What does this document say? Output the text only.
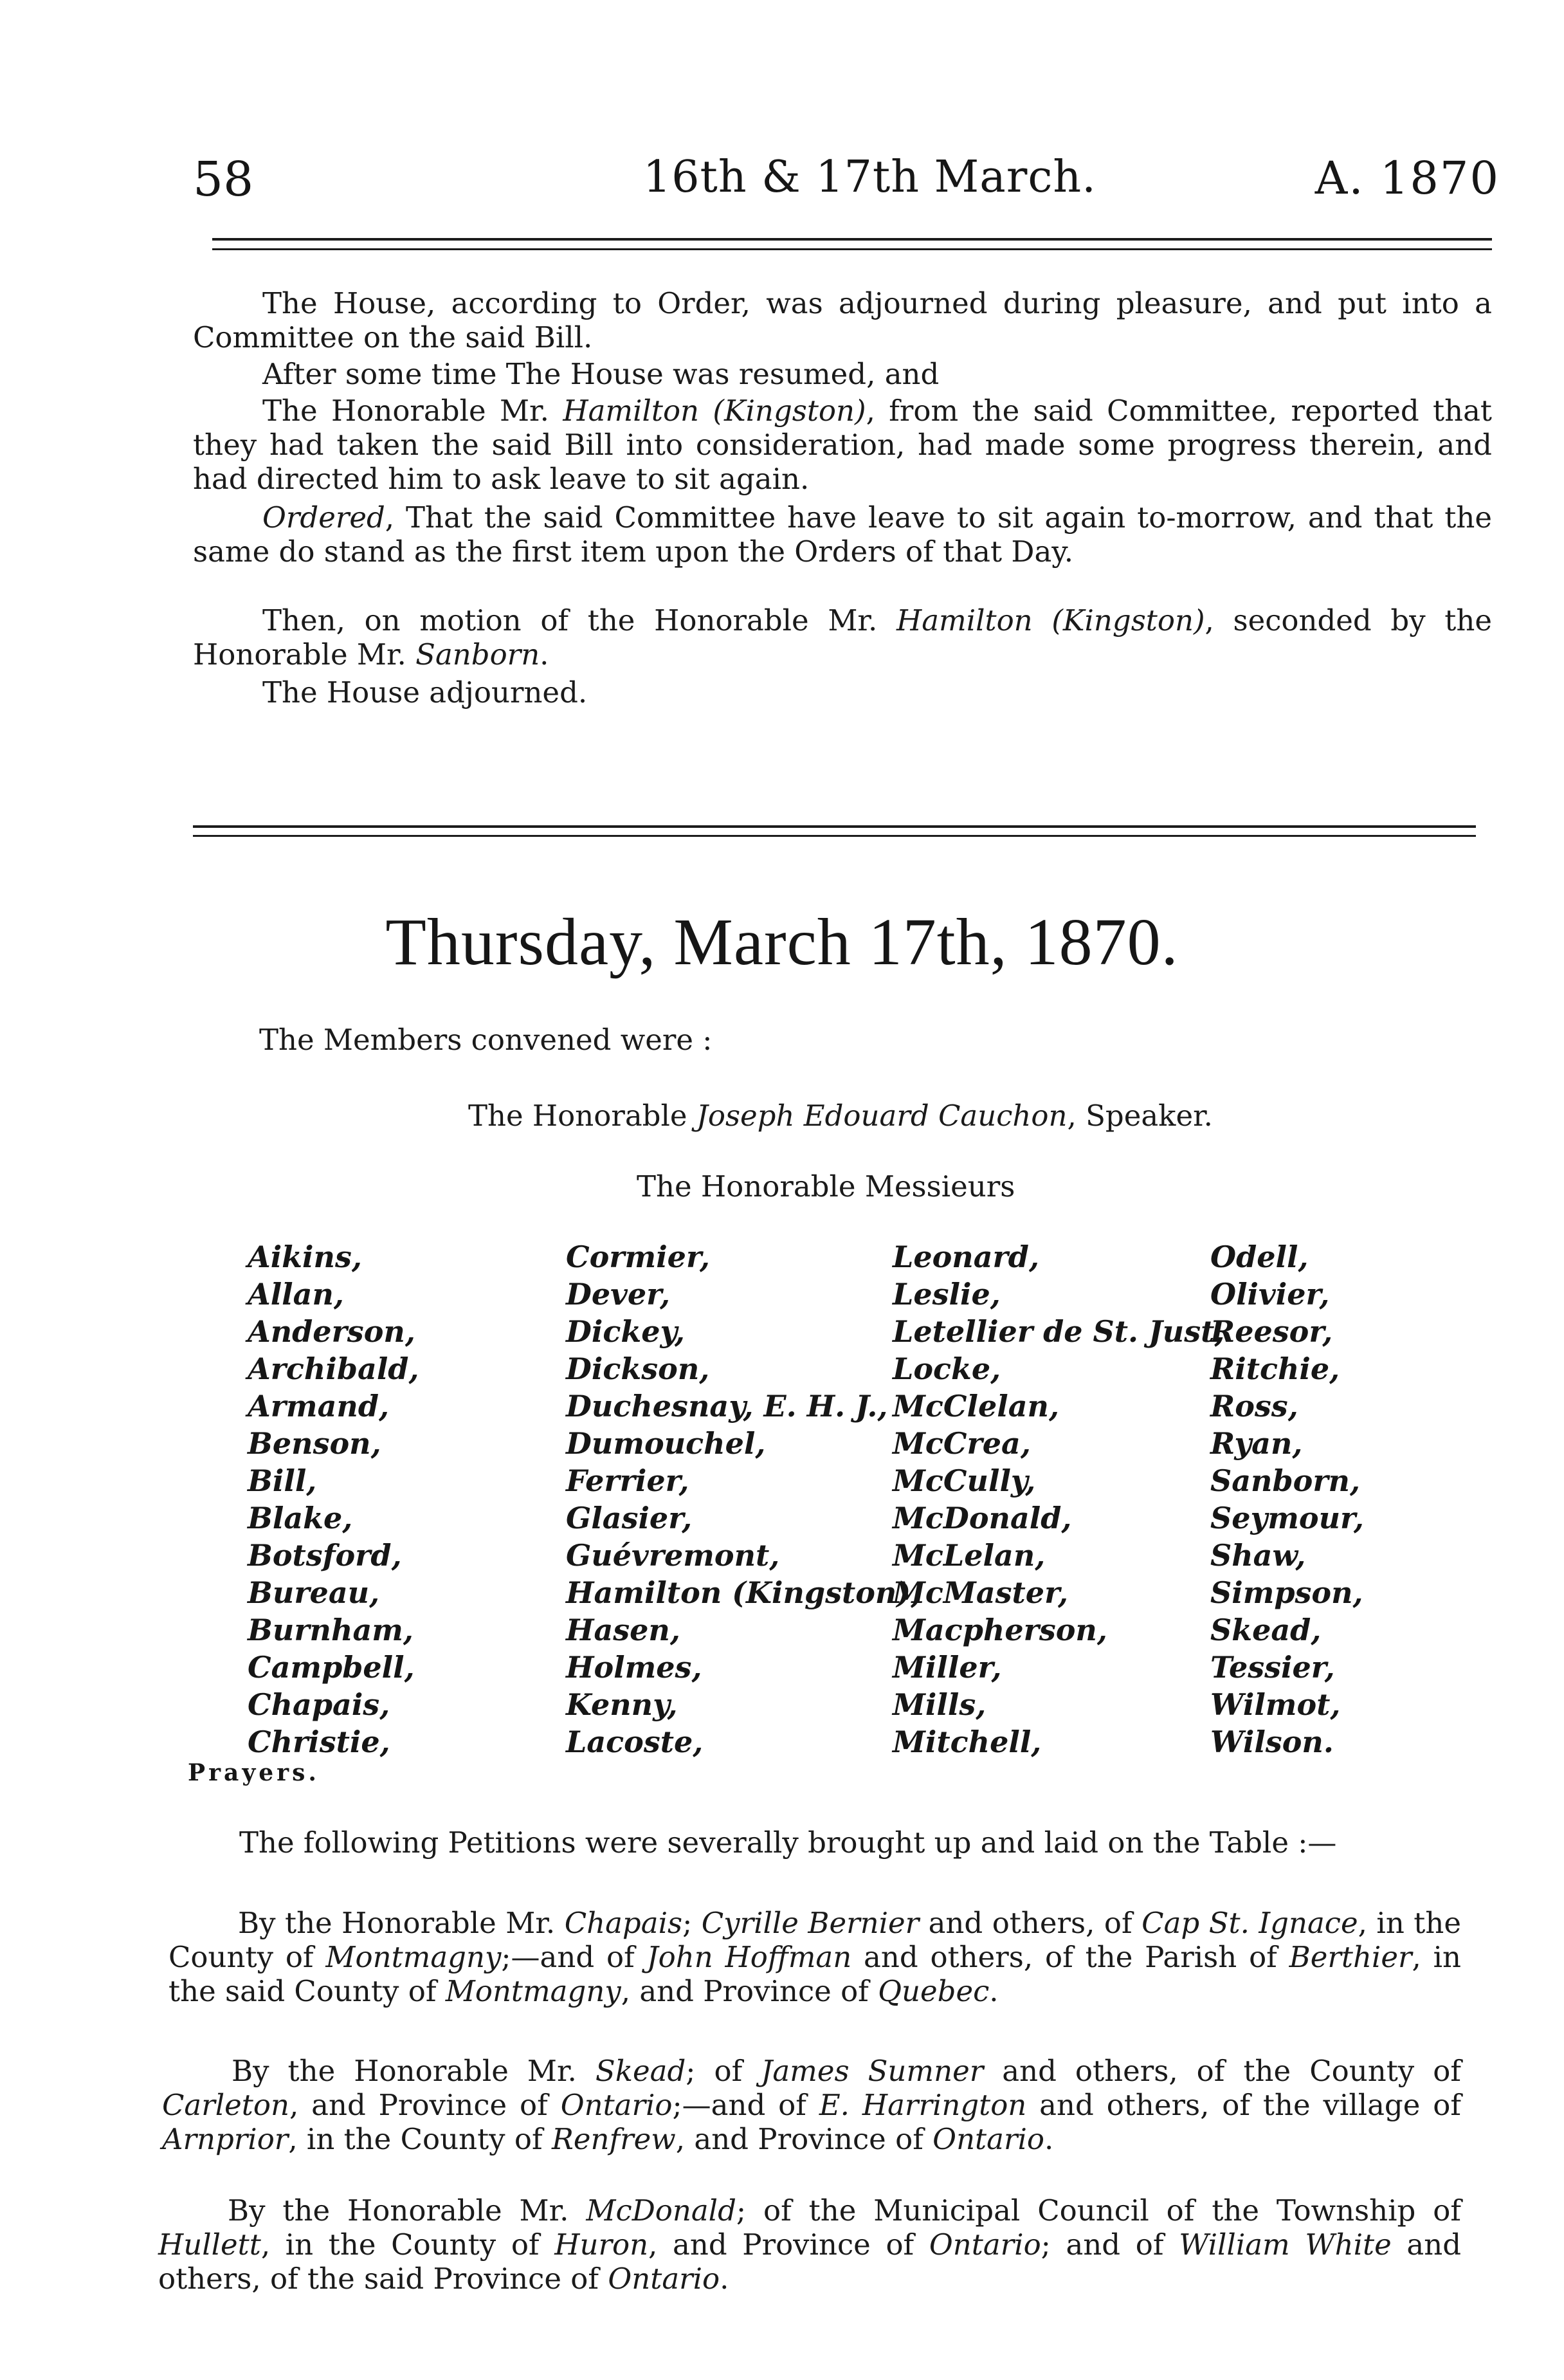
58	16th & 17th March.	A. 1870

The House, according to Order, was adjourned during pleasure, and put into a Committee on the said Bill.

After some time The House was resumed, and

The Honorable Mr. Hamilton (Kingston), from the said Committee, reported that they had taken the said Bill into consideration, had made some progress therein, and had directed him to ask leave to sit again.

Ordered, That the said Committee have leave to sit again to-morrow, and that the same do stand as the first item upon the Orders of that Day.

Then, on motion of the Honorable Mr. Hamilton (Kingston), seconded by the Honorable Mr. Sanborn.

The House adjourned.

Thursday, March 17th, 1870.

The Members convened were :

The Honorable Joseph Edouard Cauchon, Speaker.

The Honorable Messieurs

Aikins,
Allan,
Anderson,
Archibald,
Armand,
Benson,
Bill,
Blake,
Botsford,
Bureau,
Burnham,
Campbell,
Chapais,
Christie,
Cormier,
Dever,
Dickey,
Dickson,
Duchesnay, E. H. J.,
Dumouchel,
Ferrier,
Glasier,
Guévremont,
Hamilton (Kingston),
Hasen,
Holmes,
Kenny,
Lacoste,
Leonard,
Leslie,
Letellier de St. Just,
Locke,
McClelan,
McCrea,
McCully,
McDonald,
McLelan,
McMaster,
Macpherson,
Miller,
Mills,
Mitchell,
Odell,
Olivier,
Reesor,
Ritchie,
Ross,
Ryan,
Sanborn,
Seymour,
Shaw,
Simpson,
Skead,
Tessier,
Wilmot,
Wilson.
Prayers.

The following Petitions were severally brought up and laid on the Table :—

By the Honorable Mr. Chapais; Cyrille Bernier and others, of Cap St. Ignace, in the County of Montmagny;—and of John Hoffman and others, of the Parish of Berthier, in the said County of Montmagny, and Province of Quebec.

By the Honorable Mr. Skead; of James Sumner and others, of the County of Carleton, and Province of Ontario;—and of E. Harrington and others, of the village of Arnprior, in the County of Renfrew, and Province of Ontario.

By the Honorable Mr. McDonald; of the Municipal Council of the Township of Hullett, in the County of Huron, and Province of Ontario; and of William White and others, of the said Province of Ontario.
